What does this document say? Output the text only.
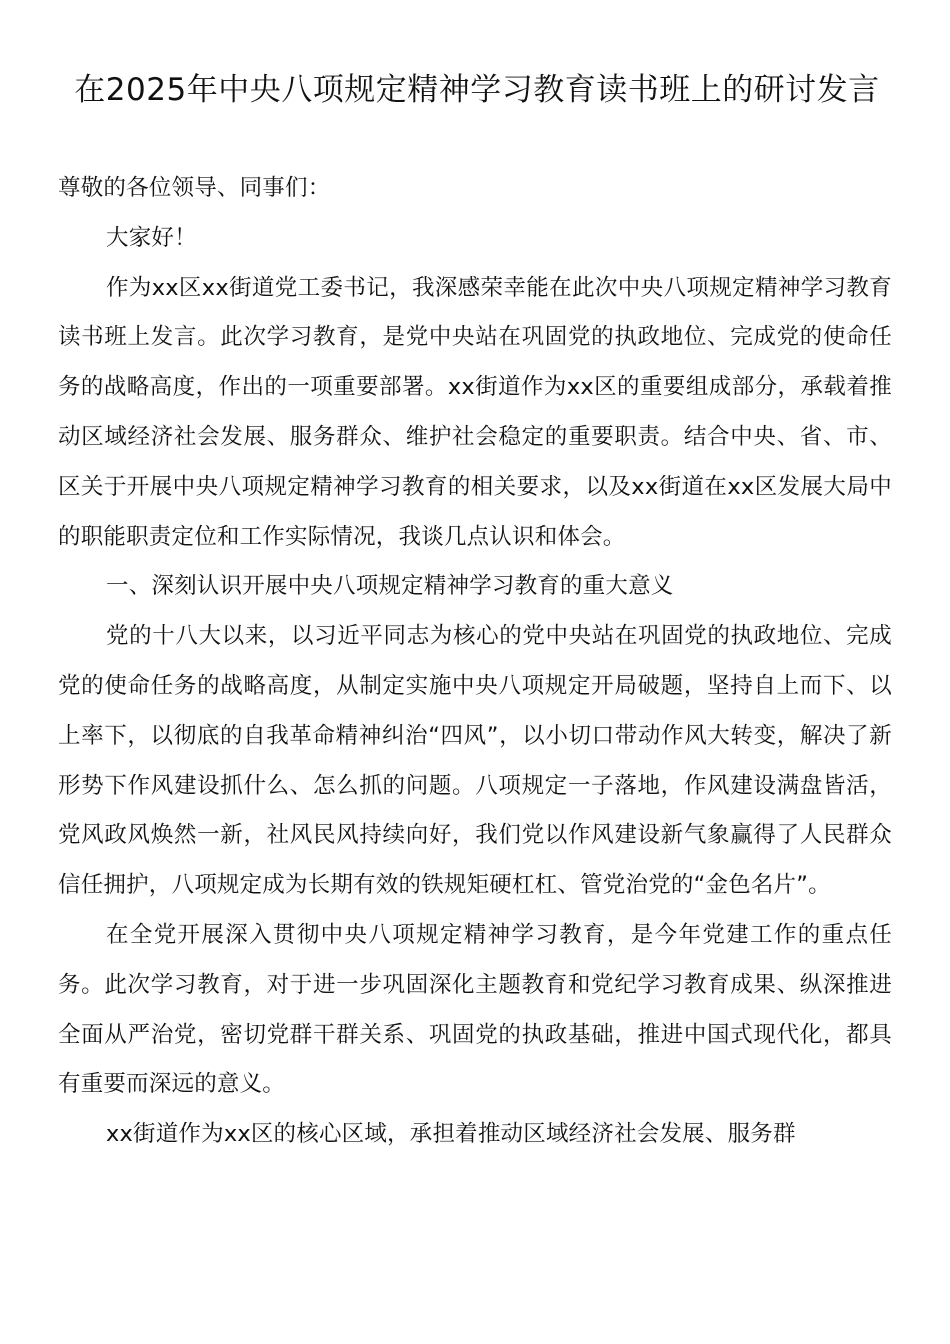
在2025年中央八项规定精神学习教育读书班上的研讨发言

尊敬的各位领导、同事们：

大家好！

作为xx区xx街道党工委书记，我深感荣幸能在此次中央八项规定精神学习教育读书班上发言。此次学习教育，是党中央站在巩固党的执政地位、完成党的使命任务的战略高度，作出的一项重要部署。xx街道作为xx区的重要组成部分，承载着推动区域经济社会发展、服务群众、维护社会稳定的重要职责。结合中央、省、市、区关于开展中央八项规定精神学习教育的相关要求，以及xx街道在xx区发展大局中的职能职责定位和工作实际情况，我谈几点认识和体会。

一、深刻认识开展中央八项规定精神学习教育的重大意义

党的十八大以来，以习近平同志为核心的党中央站在巩固党的执政地位、完成党的使命任务的战略高度，从制定实施中央八项规定开局破题，坚持自上而下、以上率下，以彻底的自我革命精神纠治“四风”，以小切口带动作风大转变，解决了新形势下作风建设抓什么、怎么抓的问题。八项规定一子落地，作风建设满盘皆活，党风政风焕然一新，社风民风持续向好，我们党以作风建设新气象赢得了人民群众信任拥护，八项规定成为长期有效的铁规矩硬杠杠、管党治党的“金色名片”。

在全党开展深入贯彻中央八项规定精神学习教育，是今年党建工作的重点任务。此次学习教育，对于进一步巩固深化主题教育和党纪学习教育成果、纵深推进全面从严治党，密切党群干群关系、巩固党的执政基础，推进中国式现代化，都具有重要而深远的意义。

xx街道作为xx区的核心区域，承担着推动区域经济社会发展、服务群
